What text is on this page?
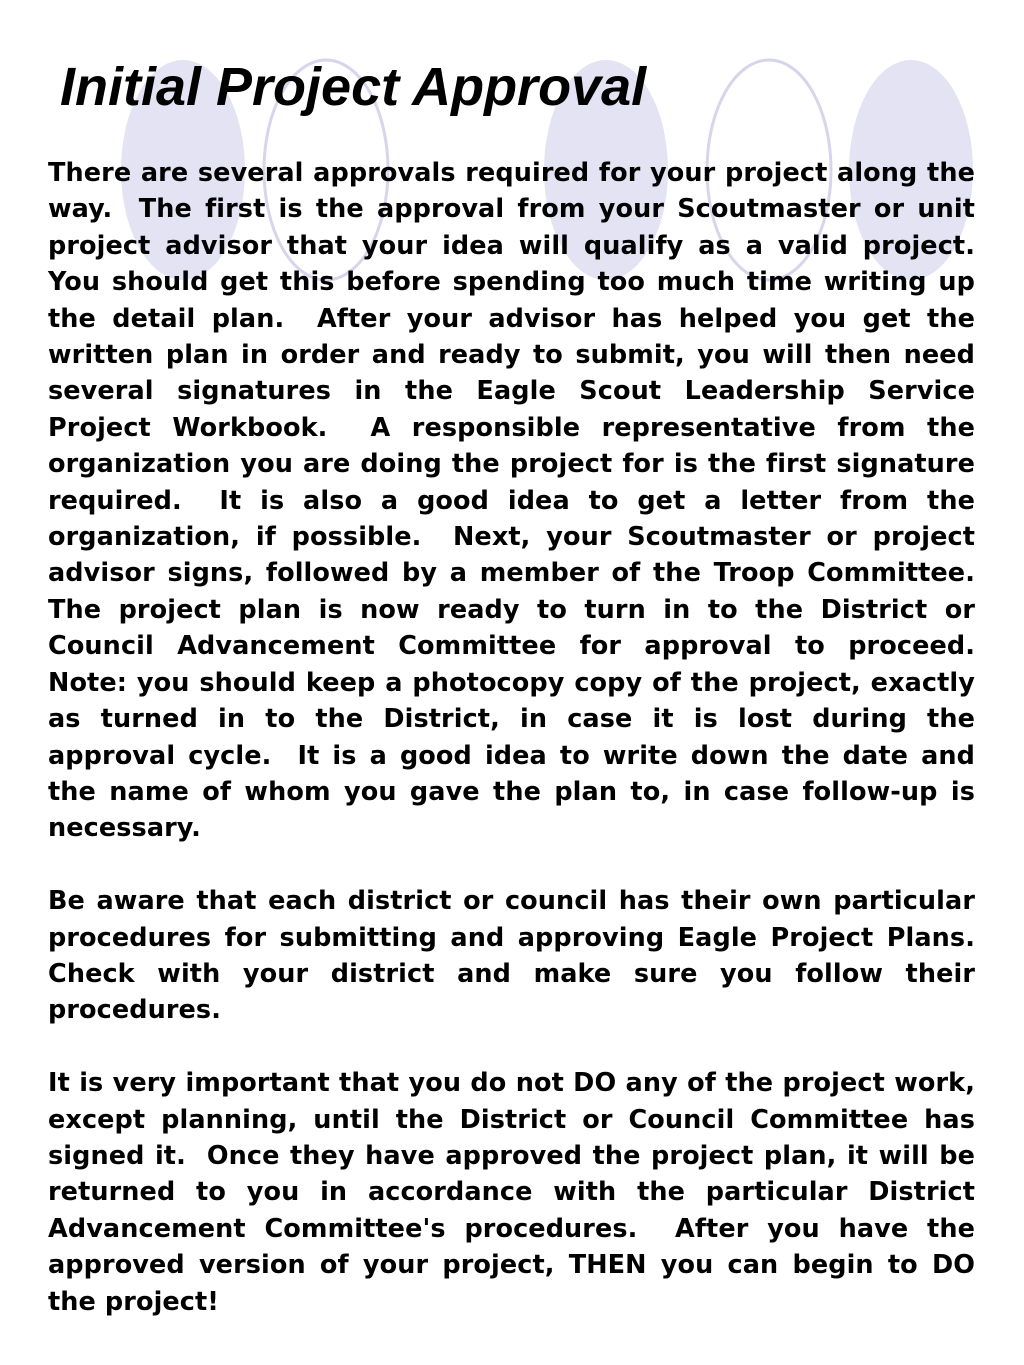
Initial Project Approval

There are several approvals required for your project along the way.  The first is the approval from your Scoutmaster or unit project advisor that your idea will qualify as a valid project.  You should get this before spending too much time writing up the detail plan.  After your advisor has helped you get the written plan in order and ready to submit, you will then need several signatures in the Eagle Scout Leadership Service Project Workbook.  A responsible representative from the organization you are doing the project for is the first signature required.  It is also a good idea to get a letter from the organization, if possible.  Next, your Scoutmaster or project advisor signs, followed by a member of the Troop Committee.  The project plan is now ready to turn in to the District or Council Advancement Committee for approval to proceed.  Note: you should keep a photocopy copy of the project, exactly as turned in to the District, in case it is lost during the approval cycle.  It is a good idea to write down the date and the name of whom you gave the plan to, in case follow-up is necessary.

Be aware that each district or council has their own particular procedures for submitting and approving Eagle Project Plans.  Check with your district and make sure you follow their procedures.

It is very important that you do not DO any of the project work, except planning, until the District or Council Committee has signed it.  Once they have approved the project plan, it will be returned to you in accordance with the particular District Advancement Committee's procedures.  After you have the approved version of your project, THEN you can begin to DO the project!
